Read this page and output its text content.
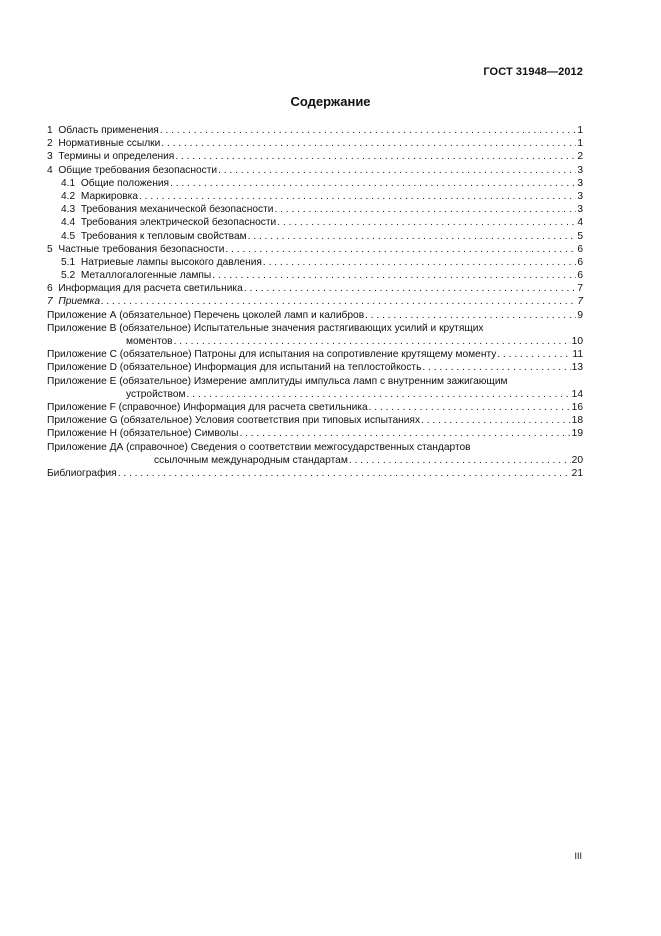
ГОСТ 31948—2012
Содержание
1 Область применения . . .	1
2 Нормативные ссылки . . .	1
3 Термины и определения . . .	2
4 Общие требования безопасности . . .	3
4.1 Общие положения . . .	3
4.2 Маркировка . . .	3
4.3 Требования механической безопасности . . .	3
4.4 Требования электрической безопасности . . .	4
4.5 Требования к тепловым свойствам . . .	5
5 Частные требования безопасности . . .	6
5.1 Натриевые лампы высокого давления . . .	6
5.2 Металлогалогенные лампы . . .	6
6 Информация для расчета светильника . . .	7
7 Приемка . . .	7
Приложение А (обязательное) Перечень цоколей ламп и калибров . . .	9
Приложение В (обязательное) Испытательные значения растягивающих усилий и крутящих
моментов . . .	10
Приложение С (обязательное) Патроны для испытания на сопротивление крутящему моменту . . .	11
Приложение D (обязательное) Информация для испытаний на теплостойкость . . .	13
Приложение Е (обязательное) Измерение амплитуды импульса ламп с внутренним зажигающим
устройством . . .	14
Приложение F (справочное) Информация для расчета светильника . . .	16
Приложение G (обязательное) Условия соответствия при типовых испытаниях . . .	18
Приложение Н (обязательное) Символы . . .	19
Приложение ДА (справочное) Сведения о соответствии межгосударственных стандартов
ссылочным международным стандартам . . .	20
Библиография . . .	21
III
